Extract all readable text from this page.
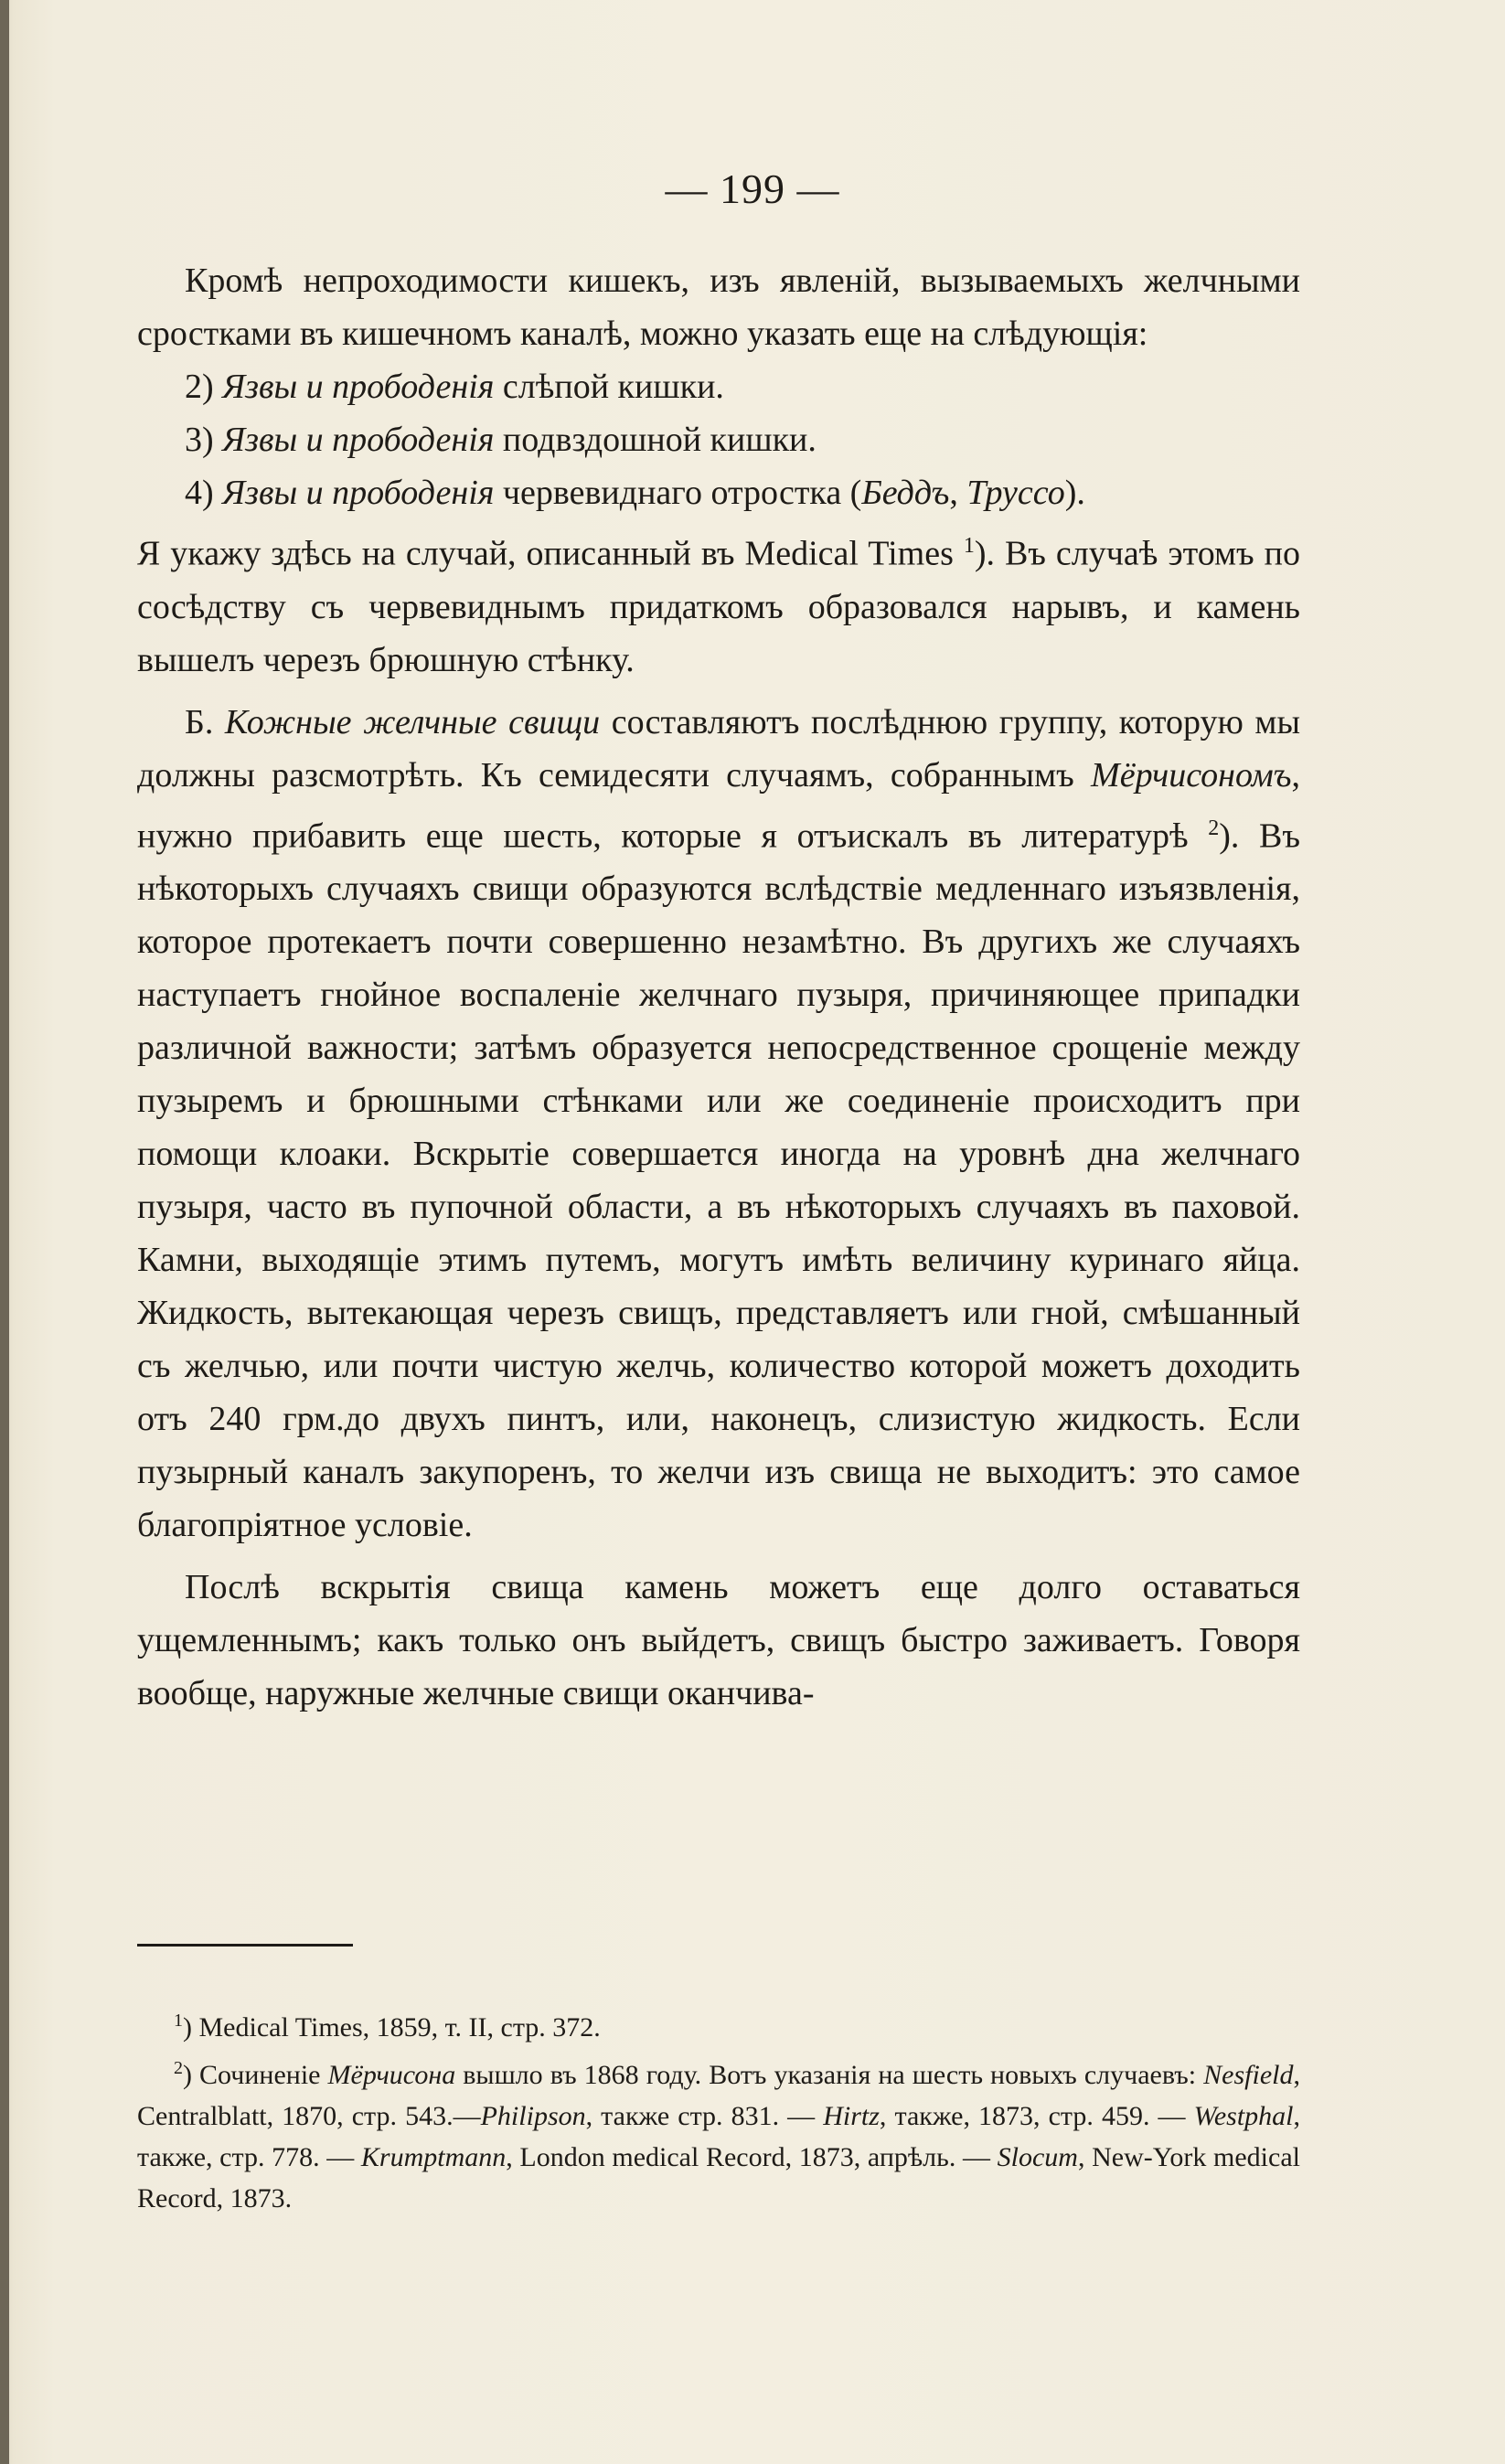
— 199 —

Кромѣ непроходимости кишекъ, изъ явленій, вызываемыхъ желчными сростками въ кишечномъ каналѣ, можно указать еще на слѣдующія:

2) Язвы и прободенія слѣпой кишки.

3) Язвы и прободенія подвздошной кишки.

4) Язвы и прободенія червевиднаго отростка (Беддъ, Труссо).

Я укажу здѣсь на случай, описанный въ Medical Times $^1$). Въ случаѣ этомъ по сосѣдству съ червевиднымъ придаткомъ образовался нарывъ, и камень вышелъ черезъ брюшную стѣнку.

Б. Кожные желчные свищи составляютъ послѣднюю группу, которую мы должны разсмотрѣть. Къ семидесяти случаямъ, собраннымъ Мёрчисономъ, нужно прибавить еще шесть, которые я отъискалъ въ литературѣ $^2$). Въ нѣкоторыхъ случаяхъ свищи образуются вслѣдствіе медленнаго изъязвленія, которое протекаетъ почти совершенно незамѣтно. Въ другихъ же случаяхъ наступаетъ гнойное воспаленіе желчнаго пузыря, причиняющее припадки различной важности; затѣмъ образуется непосредственное срощеніе между пузыремъ и брюшными стѣнками или же соединеніе происходитъ при помощи клоаки. Вскрытіе совершается иногда на уровнѣ дна желчнаго пузыря, часто въ пупочной области, а въ нѣкоторыхъ случаяхъ въ паховой. Камни, выходящіе этимъ путемъ, могутъ имѣть величину куринаго яйца. Жидкость, вытекающая черезъ свищъ, представляетъ или гной, смѣшанный съ желчью, или почти чистую желчь, количество которой можетъ доходить отъ 240 грм.до двухъ пинтъ, или, наконецъ, слизистую жидкость. Если пузырный каналъ закупоренъ, то желчи изъ свища не выходитъ: это самое благопріятное условіе.

Послѣ вскрытія свища камень можетъ еще долго оставаться ущемленнымъ; какъ только онъ выйдетъ, свищъ быстро заживаетъ. Говоря вообще, наружные желчные свищи оканчива-

$^1$) Medical Times, 1859, т. II, стр. 372.

$^2$) Сочиненіе Мёрчисона вышло въ 1868 году. Вотъ указанія на шесть новыхъ случаевъ: Nesfield, Centralblatt, 1870, стр. 543.—Philipson, также стр. 831. — Hirtz, также, 1873, стр. 459. — Westphal, также, стр. 778. — Krumptmann, London medical Record, 1873, апрѣль. — Slocum, New-York medical Record, 1873.
